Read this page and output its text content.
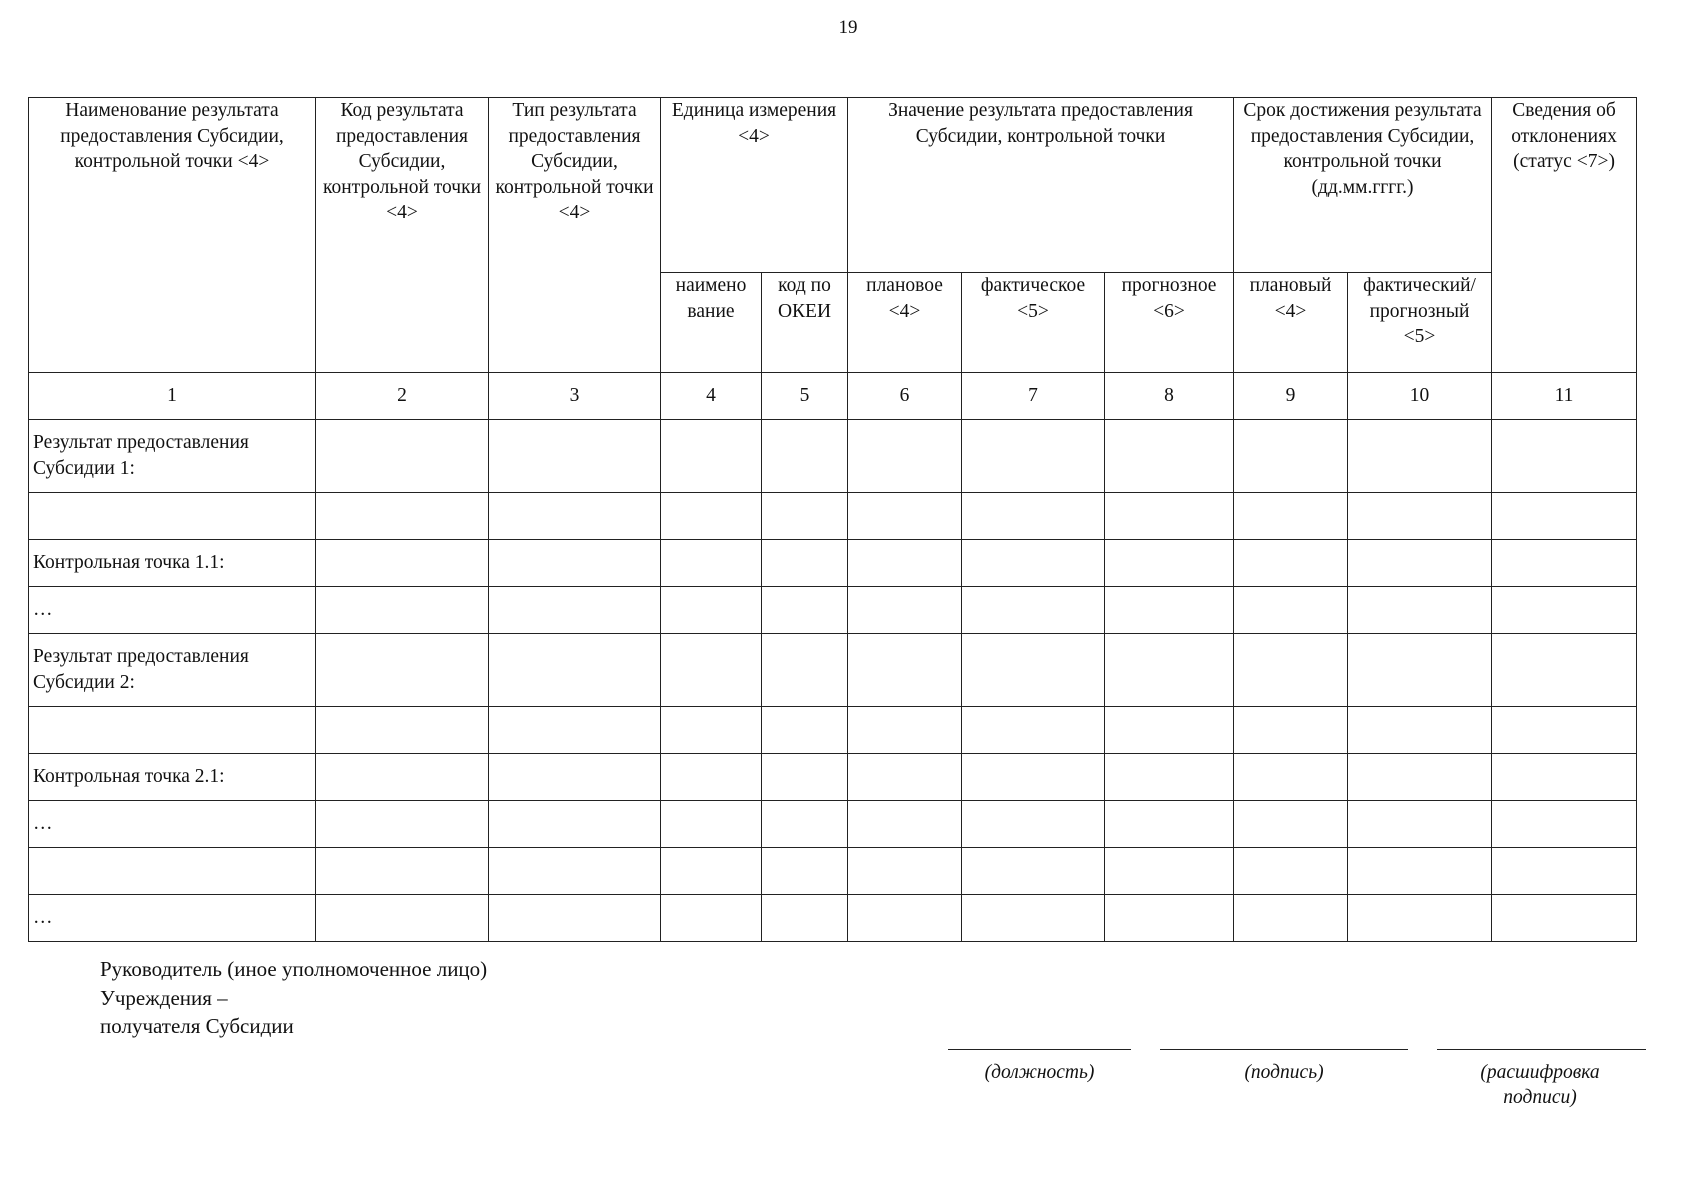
19
Наименование результата предоставления Субсидии, контрольной точки <4>	Код результата предоставления Субсидии, контрольной точки <4>	Тип результата предоставления Субсидии, контрольной точки <4>	Единица измерения <4>		Значение результата предоставления Субсидии, контрольной точки			Срок достижения результата предоставления Субсидии, контрольной точки (дд.мм.гггг.)		Сведения об отклонениях (статус <7>)
			наимено вание	код по ОКЕИ	плановое <4>	фактическое <5>	прогнозное <6>	плановый <4>	фактический/ прогнозный <5>	
1	2	3	4	5	6	7	8	9	10	11
Результат предоставления Субсидии 1:										

Контрольная точка 1.1:										
…										
Результат предоставления Субсидии 2:										

Контрольная точка 2.1:										
…										

…										
Руководитель (иное уполномоченное лицо)
Учреждения –
получателя Субсидии
(должность)	(подпись)	(расшифровка подписи)
